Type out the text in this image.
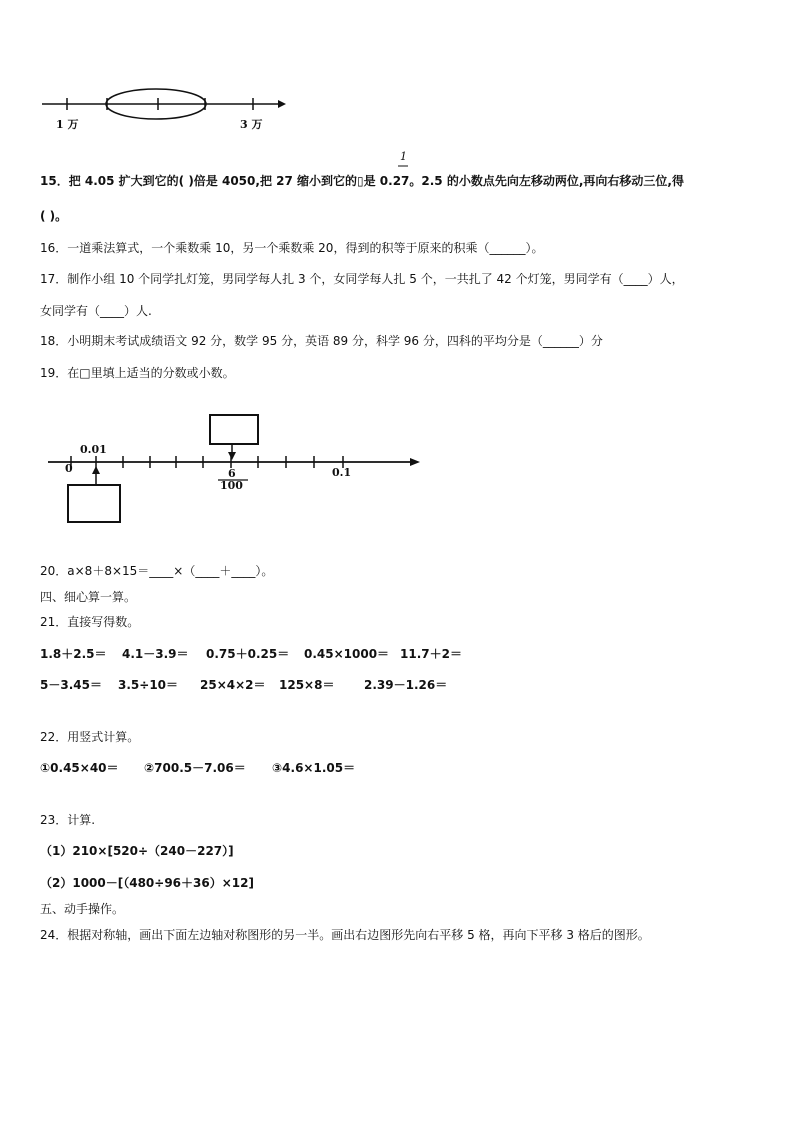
1 万	3 万
1
15．把 4.05 扩大到它的( )倍是 4050,把 27 缩小到它的▯是 0.27。2.5 的小数点先向左移动两位,再向右移动三位,得
( )。
16．一道乘法算式，一个乘数乘 10，另一个乘数乘 20，得到的积等于原来的积乘（______）。
17．制作小组 10 个同学扎灯笼，男同学每人扎 3 个，女同学每人扎 5 个，一共扎了 42 个灯笼，男同学有（____）人，
女同学有（____）人.
18．小明期末考试成绩语文 92 分，数学 95 分，英语 89 分，科学 96 分，四科的平均分是（______）分
19．在□里填上适当的分数或小数。
0.01
0	6
100
0.1
20．a×8＋8×15＝____×（____＋____）。
四、细心算一算。
21．直接写得数。
1.8＋2.5＝ 4.1－3.9＝ 0.75＋0.25＝ 0.45×1000＝ 11.7＋2＝
5－3.45＝ 3.5÷10＝ 25×4×2＝ 125×8＝ 2.39－1.26＝
22．用竖式计算。
①0.45×40＝ ②700.5－7.06＝ ③4.6×1.05＝
23．计算.
（1）210×[520÷（240－227）]
（2）1000－[（480÷96＋36）×12]
五、动手操作。
24．根据对称轴，画出下面左边轴对称图形的另一半。画出右边图形先向右平移 5 格，再向下平移 3 格后的图形。
